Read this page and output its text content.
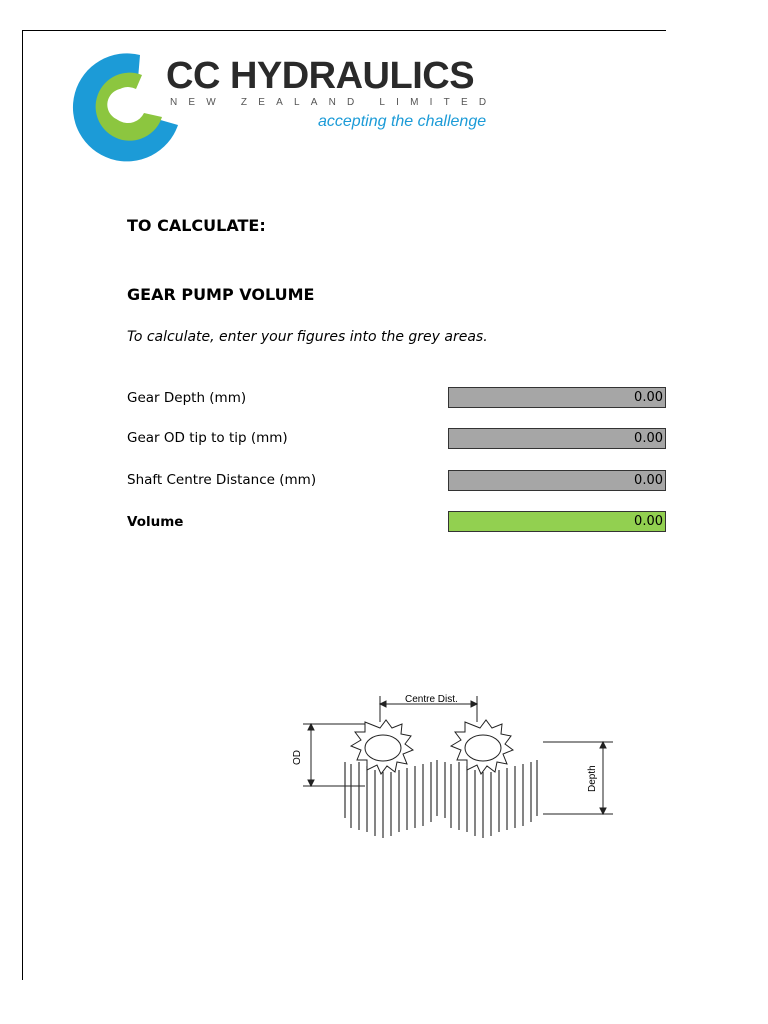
CC HYDRAULICS
NEW ZEALAND LIMITED
accepting the challenge
TO CALCULATE:
GEAR PUMP VOLUME
To calculate, enter your figures into the grey areas.
Gear Depth (mm)	0.00
Gear OD tip to tip (mm)	0.00
Shaft Centre Distance (mm)	0.00
Volume	0.00
Centre Dist.
OD
Depth
